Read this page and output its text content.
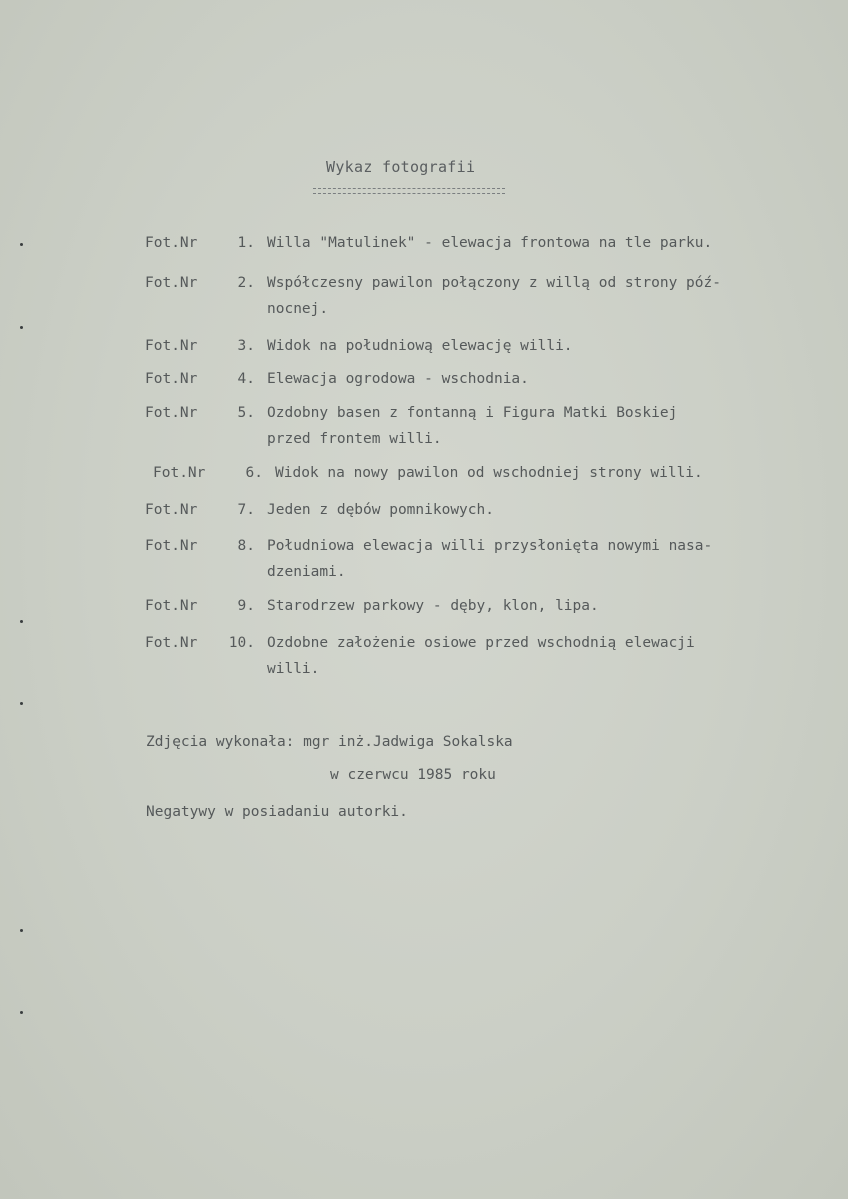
Wykaz fotografii
Fot.Nr	1. Willa "Matulinek" - elewacja frontowa na tle parku.
Fot.Nr	2. Współczesny pawilon połączony z willą od strony póź-
nocnej.
Fot.Nr	3. Widok na południową elewację willi.
Fot.Nr	4. Elewacja ogrodowa - wschodnia.
Fot.Nr	5. Ozdobny basen z fontanną i Figura Matki Boskiej
przed frontem willi.
Fot.Nr	6. Widok na nowy pawilon od wschodniej strony willi.
Fot.Nr	7. Jeden z dębów pomnikowych.
Fot.Nr	8. Południowa elewacja willi przysłonięta nowymi nasa-
dzeniami.
Fot.Nr	9. Starodrzew parkowy - dęby, klon, lipa.
Fot.Nr 10. Ozdobne założenie osiowe przed wschodnią elewacji
willi.
Zdjęcia wykonała: mgr inż.Jadwiga Sokalska
w czerwcu 1985 roku
Negatywy w posiadaniu autorki.
